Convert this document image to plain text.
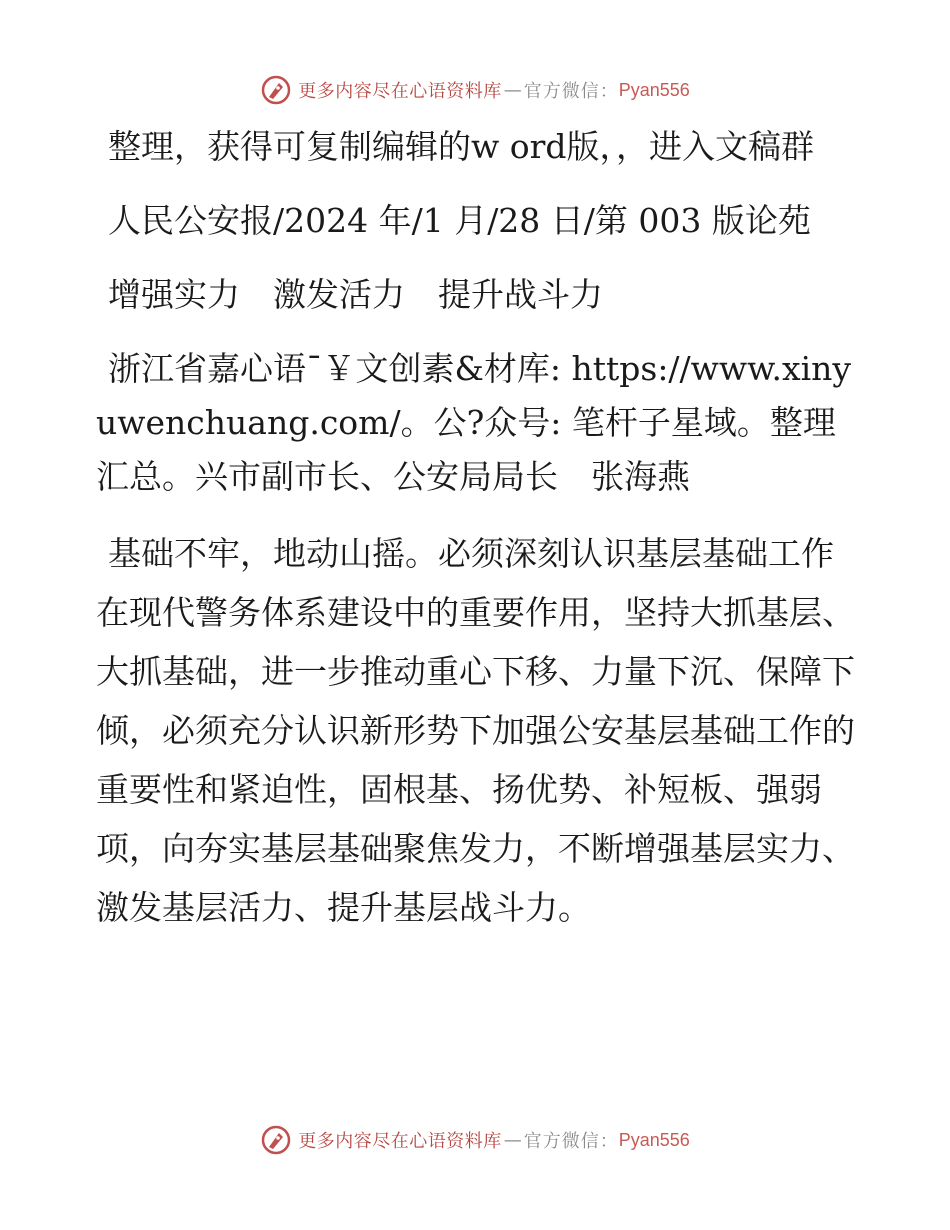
更多内容尽在心语资料库 — 官方微信： Pyan556

整理，获得可复制编辑的w ord版，，进入文稿群

人民公安报/2024 年/1 月/28 日/第 003 版论苑

增强实力　激发活力　提升战斗力

浙江省嘉心语¯￥文创素&材库: https://www.xinyuwenchuang.com/。公?众号: 笔杆子星域。整理汇总。兴市副市长、公安局局长　张海燕

基础不牢，地动山摇。必须深刻认识基层基础工作在现代警务体系建设中的重要作用，坚持大抓基层、大抓基础，进一步推动重心下移、力量下沉、保障下倾，必须充分认识新形势下加强公安基层基础工作的重要性和紧迫性，固根基、扬优势、补短板、强弱项，向夯实基层基础聚焦发力，不断增强基层实力、激发基层活力、提升基层战斗力。

更多内容尽在心语资料库 — 官方微信： Pyan556
